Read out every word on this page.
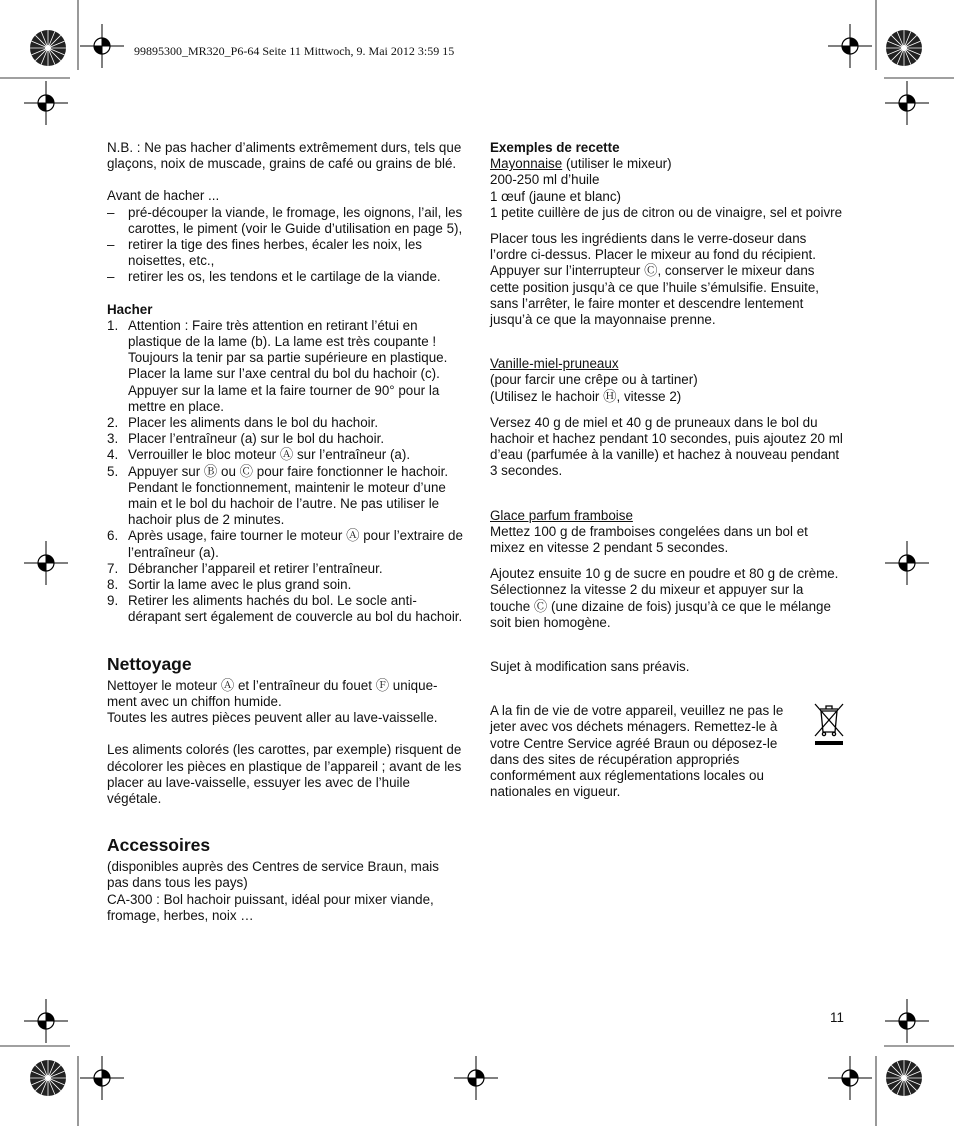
99895300_MR320_P6-64 Seite 11 Mittwoch, 9. Mai 2012 3:59 15

N.B. : Ne pas hacher d’aliments extrêmement durs, tels que glaçons, noix de muscade, grains de café ou grains de blé.

Avant de hacher ...

– pré-découper la viande, le fromage, les oignons, l’ail, les carottes, le piment (voir le Guide d’utilisation en page 5),
– retirer la tige des fines herbes, écaler les noix, les noisettes, etc.,
– retirer les os, les tendons et le cartilage de la viande.

Hacher

1. Attention : Faire très attention en retirant l’étui en plastique de la lame (b). La lame est très coupante ! Toujours la tenir par sa partie supérieure en plastique. Placer la lame sur l’axe central du bol du hachoir (c). Appuyer sur la lame et la faire tourner de 90° pour la mettre en place.
2. Placer les aliments dans le bol du hachoir.
3. Placer l’entraîneur (a) sur le bol du hachoir.
4. Verrouiller le bloc moteur Ⓐ sur l’entraîneur (a).
5. Appuyer sur Ⓑ ou Ⓒ pour faire fonctionner le hachoir. Pendant le fonctionnement, maintenir le moteur d’une main et le bol du hachoir de l’autre. Ne pas utiliser le hachoir plus de 2 minutes.
6. Après usage, faire tourner le moteur Ⓐ pour l’extraire de l’entraîneur (a).
7. Débrancher l’appareil et retirer l’entraîneur.
8. Sortir la lame avec le plus grand soin.
9. Retirer les aliments hachés du bol. Le socle anti-dérapant sert également de couvercle au bol du hachoir.
Nettoyage

Nettoyer le moteur Ⓐ et l’entraîneur du fouet Ⓕ unique-ment avec un chiffon humide.

Toutes les autres pièces peuvent aller au lave-vaisselle.

Les aliments colorés (les carottes, par exemple) risquent de décolorer les pièces en plastique de l’appareil ; avant de les placer au lave-vaisselle, essuyer les avec de l’huile végétale.

Accessoires

(disponibles auprès des Centres de service Braun, mais pas dans tous les pays)

CA-300 : Bol hachoir puissant, idéal pour mixer viande, fromage, herbes, noix …

Exemples de recette

Mayonnaise (utiliser le mixeur)

200-250 ml d’huile

1 œuf (jaune et blanc)

1 petite cuillère de jus de citron ou de vinaigre, sel et poivre

Placer tous les ingrédients dans le verre-doseur dans l’ordre ci-dessus. Placer le mixeur au fond du récipient. Appuyer sur l’interrupteur Ⓒ, conserver le mixeur dans cette position jusqu’à ce que l’huile s’émulsifie. Ensuite, sans l’arrêter, le faire monter et descendre lentement jusqu’à ce que la mayonnaise prenne.

Vanille-miel-pruneaux

(pour farcir une crêpe ou à tartiner)

(Utilisez le hachoir Ⓗ, vitesse 2)

Versez 40 g de miel et 40 g de pruneaux dans le bol du hachoir et hachez pendant 10 secondes, puis ajoutez 20 ml d’eau (parfumée à la vanille) et hachez à nouveau pendant 3 secondes.

Glace parfum framboise

Mettez 100 g de framboises congelées dans un bol et mixez en vitesse 2 pendant 5 secondes.

Ajoutez ensuite 10 g de sucre en poudre et 80 g de crème. Sélectionnez la vitesse 2 du mixeur et appuyer sur la touche Ⓒ (une dizaine de fois) jusqu’à ce que le mélange soit bien homogène.

Sujet à modification sans préavis.

A la fin de vie de votre appareil, veuillez ne pas le jeter avec vos déchets ménagers. Remettez-le à votre Centre Service agréé Braun ou déposez-le dans des sites de récupération appropriés conformément aux réglementations locales ou nationales en vigueur.

11
